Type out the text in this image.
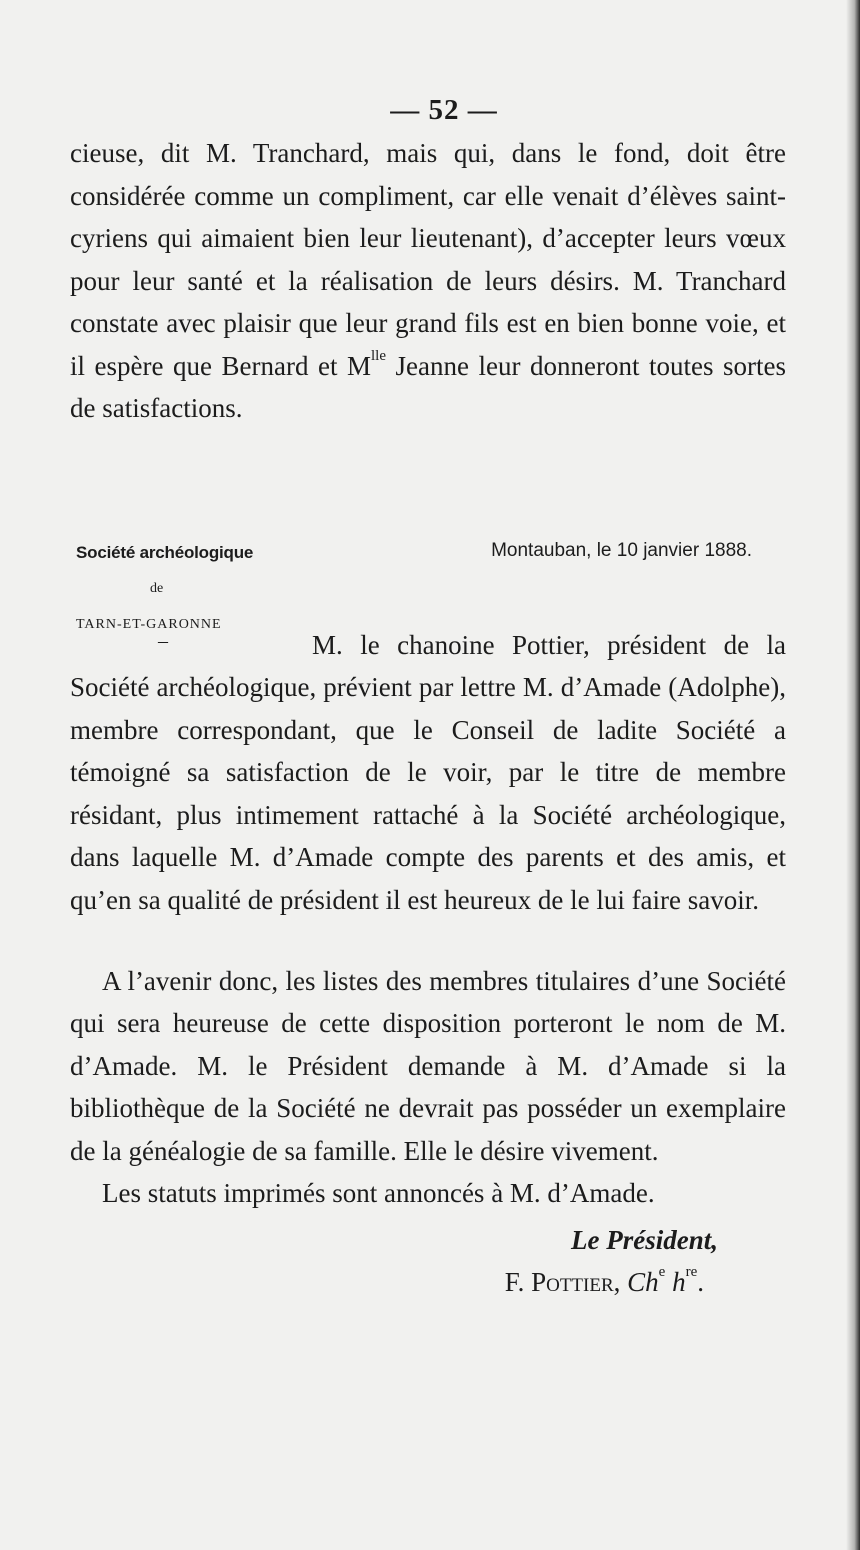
— 52 —

cieuse, dit M. Tranchard, mais qui, dans le fond, doit être considérée comme un compliment, car elle venait d’élèves saint-cyriens qui aimaient bien leur lieutenant), d’accepter leurs vœux pour leur santé et la réalisation de leurs désirs. M. Tranchard constate avec plaisir que leur grand fils est en bien bonne voie, et il espère que Bernard et $M^{lle}$ Jeanne leur donneront toutes sortes de satisfactions.

Société archéologique
de
TARN-ET-GARONNE
–
Montauban, le 10 janvier 1888.

M. le chanoine Pottier, président de la Société archéologique, prévient par lettre M. d’Amade (Adolphe), membre correspondant, que le Conseil de ladite Société a témoigné sa satisfaction de le voir, par le titre de membre résidant, plus intimement rattaché à la Société archéologique, dans laquelle M. d’Amade compte des parents et des amis, et qu’en sa qualité de président il est heureux de le lui faire savoir.

A l’avenir donc, les listes des membres titulaires d’une Société qui sera heureuse de cette disposition porteront le nom de M. d’Amade. M. le Président demande à M. d’Amade si la bibliothèque de la Société ne devrait pas posséder un exemplaire de la généalogie de sa famille. Elle le désire vivement.

Les statuts imprimés sont annoncés à M. d’Amade.

Le Président,
F. Pottier, Ch$^e$ $h^{re}$.
